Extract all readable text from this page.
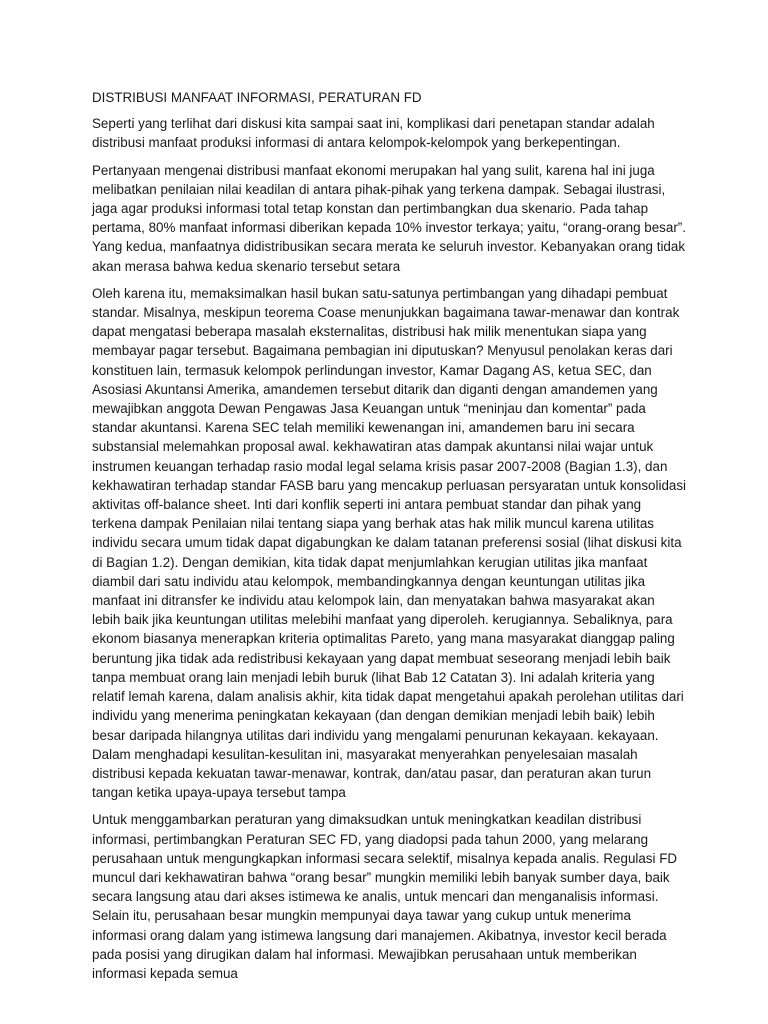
DISTRIBUSI MANFAAT INFORMASI, PERATURAN FD

Seperti yang terlihat dari diskusi kita sampai saat ini, komplikasi dari penetapan standar adalah distribusi manfaat produksi informasi di antara kelompok-kelompok yang berkepentingan.

Pertanyaan mengenai distribusi manfaat ekonomi merupakan hal yang sulit, karena hal ini juga melibatkan penilaian nilai keadilan di antara pihak-pihak yang terkena dampak. Sebagai ilustrasi, jaga agar produksi informasi total tetap konstan dan pertimbangkan dua skenario. Pada tahap pertama, 80% manfaat informasi diberikan kepada 10% investor terkaya; yaitu, “orang-orang besar”. Yang kedua, manfaatnya didistribusikan secara merata ke seluruh investor. Kebanyakan orang tidak akan merasa bahwa kedua skenario tersebut setara

Oleh karena itu, memaksimalkan hasil bukan satu-satunya pertimbangan yang dihadapi pembuat standar. Misalnya, meskipun teorema Coase menunjukkan bagaimana tawar-menawar dan kontrak dapat mengatasi beberapa masalah eksternalitas, distribusi hak milik menentukan siapa yang membayar pagar tersebut. Bagaimana pembagian ini diputuskan? Menyusul penolakan keras dari konstituen lain, termasuk kelompok perlindungan investor, Kamar Dagang AS, ketua SEC, dan Asosiasi Akuntansi Amerika, amandemen tersebut ditarik dan diganti dengan amandemen yang mewajibkan anggota Dewan Pengawas Jasa Keuangan untuk “meninjau dan komentar” pada standar akuntansi. Karena SEC telah memiliki kewenangan ini, amandemen baru ini secara substansial melemahkan proposal awal. kekhawatiran atas dampak akuntansi nilai wajar untuk instrumen keuangan terhadap rasio modal legal selama krisis pasar 2007-2008 (Bagian 1.3), dan kekhawatiran terhadap standar FASB baru yang mencakup perluasan persyaratan untuk konsolidasi aktivitas off-balance sheet. Inti dari konflik seperti ini antara pembuat standar dan pihak yang terkena dampak Penilaian nilai tentang siapa yang berhak atas hak milik muncul karena utilitas individu secara umum tidak dapat digabungkan ke dalam tatanan preferensi sosial (lihat diskusi kita di Bagian 1.2). Dengan demikian, kita tidak dapat menjumlahkan kerugian utilitas jika manfaat diambil dari satu individu atau kelompok, membandingkannya dengan keuntungan utilitas jika manfaat ini ditransfer ke individu atau kelompok lain, dan menyatakan bahwa masyarakat akan lebih baik jika keuntungan utilitas melebihi manfaat yang diperoleh. kerugiannya. Sebaliknya, para ekonom biasanya menerapkan kriteria optimalitas Pareto, yang mana masyarakat dianggap paling beruntung jika tidak ada redistribusi kekayaan yang dapat membuat seseorang menjadi lebih baik tanpa membuat orang lain menjadi lebih buruk (lihat Bab 12 Catatan 3). Ini adalah kriteria yang relatif lemah karena, dalam analisis akhir, kita tidak dapat mengetahui apakah perolehan utilitas dari individu yang menerima peningkatan kekayaan (dan dengan demikian menjadi lebih baik) lebih besar daripada hilangnya utilitas dari individu yang mengalami penurunan kekayaan. kekayaan. Dalam menghadapi kesulitan-kesulitan ini, masyarakat menyerahkan penyelesaian masalah distribusi kepada kekuatan tawar-menawar, kontrak, dan/atau pasar, dan peraturan akan turun tangan ketika upaya-upaya tersebut tampa

Untuk menggambarkan peraturan yang dimaksudkan untuk meningkatkan keadilan distribusi informasi, pertimbangkan Peraturan SEC FD, yang diadopsi pada tahun 2000, yang melarang perusahaan untuk mengungkapkan informasi secara selektif, misalnya kepada analis. Regulasi FD muncul dari kekhawatiran bahwa “orang besar” mungkin memiliki lebih banyak sumber daya, baik secara langsung atau dari akses istimewa ke analis, untuk mencari dan menganalisis informasi. Selain itu, perusahaan besar mungkin mempunyai daya tawar yang cukup untuk menerima informasi orang dalam yang istimewa langsung dari manajemen. Akibatnya, investor kecil berada pada posisi yang dirugikan dalam hal informasi. Mewajibkan perusahaan untuk memberikan informasi kepada semua
